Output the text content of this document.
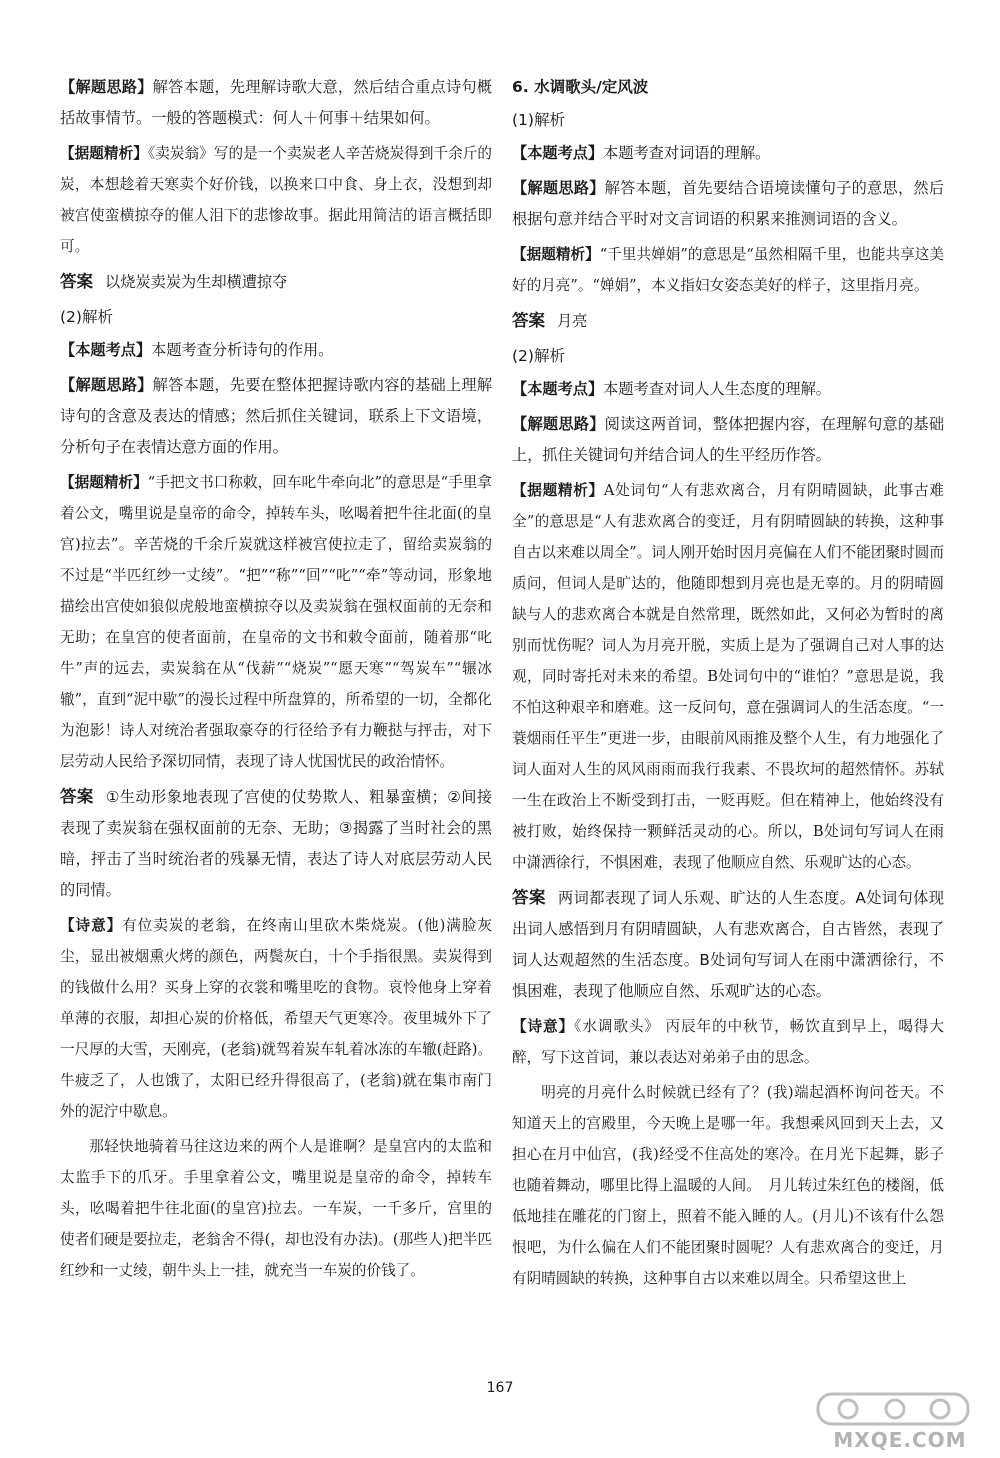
【解题思路】解答本题，先理解诗歌大意，然后结合重点诗句概括故事情节。一般的答题模式：何人＋何事＋结果如何。

【据题精析】《卖炭翁》写的是一个卖炭老人辛苦烧炭得到千余斤的炭，本想趁着天寒卖个好价钱，以换来口中食、身上衣，没想到却被宫使蛮横掠夺的催人泪下的悲惨故事。据此用简洁的语言概括即可。

答案 以烧炭卖炭为生却横遭掠夺

(2)解析

【本题考点】本题考查分析诗句的作用。

【解题思路】解答本题，先要在整体把握诗歌内容的基础上理解诗句的含意及表达的情感；然后抓住关键词，联系上下文语境，分析句子在表情达意方面的作用。

【据题精析】“手把文书口称敕，回车叱牛牵向北”的意思是“手里拿着公文，嘴里说是皇帝的命令，掉转车头，吆喝着把牛往北面(的皇宫)拉去”。辛苦烧的千余斤炭就这样被宫使拉走了，留给卖炭翁的不过是“半匹红纱一丈绫”。“把”“称”“回”“叱”“牵”等动词，形象地描绘出宫使如狼似虎般地蛮横掠夺以及卖炭翁在强权面前的无奈和无助；在皇宫的使者面前，在皇帝的文书和敕令面前，随着那“叱牛”声的远去，卖炭翁在从“伐薪”“烧炭”“愿天寒”“驾炭车”“辗冰辙”，直到“泥中歇”的漫长过程中所盘算的，所希望的一切，全都化为泡影！诗人对统治者强取豪夺的行径给予有力鞭挞与抨击，对下层劳动人民给予深切同情，表现了诗人忧国忧民的政治情怀。

答案 ①生动形象地表现了宫使的仗势欺人、粗暴蛮横；②间接表现了卖炭翁在强权面前的无奈、无助；③揭露了当时社会的黑暗，抨击了当时统治者的残暴无情，表达了诗人对底层劳动人民的同情。

【诗意】有位卖炭的老翁，在终南山里砍木柴烧炭。(他)满脸灰尘，显出被烟熏火烤的颜色，两鬓灰白，十个手指很黑。卖炭得到的钱做什么用？买身上穿的衣裳和嘴里吃的食物。哀怜他身上穿着单薄的衣服，却担心炭的价格低，希望天气更寒冷。夜里城外下了一尺厚的大雪，天刚亮，(老翁)就驾着炭车轧着冰冻的车辙(赶路)。牛疲乏了，人也饿了，太阳已经升得很高了，(老翁)就在集市南门外的泥泞中歇息。

那轻快地骑着马往这边来的两个人是谁啊？是皇宫内的太监和太监手下的爪牙。手里拿着公文，嘴里说是皇帝的命令，掉转车头，吆喝着把牛往北面(的皇宫)拉去。一车炭，一千多斤，宫里的使者们硬是要拉走，老翁舍不得(，却也没有办法)。(那些人)把半匹红纱和一丈绫，朝牛头上一挂，就充当一车炭的价钱了。

6. 水调歌头/定风波

(1)解析

【本题考点】本题考查对词语的理解。

【解题思路】解答本题，首先要结合语境读懂句子的意思，然后根据句意并结合平时对文言词语的积累来推测词语的含义。

【据题精析】“千里共婵娟”的意思是“虽然相隔千里，也能共享这美好的月亮”。“婵娟”，本义指妇女姿态美好的样子，这里指月亮。

答案 月亮

(2)解析

【本题考点】本题考查对词人人生态度的理解。

【解题思路】阅读这两首词，整体把握内容，在理解句意的基础上，抓住关键词句并结合词人的生平经历作答。

【据题精析】A处词句“人有悲欢离合，月有阴晴圆缺，此事古难全”的意思是“人有悲欢离合的变迁，月有阴晴圆缺的转换，这种事自古以来难以周全”。词人刚开始时因月亮偏在人们不能团聚时圆而质问，但词人是旷达的，他随即想到月亮也是无辜的。月的阴晴圆缺与人的悲欢离合本就是自然常理，既然如此，又何必为暂时的离别而忧伤呢？词人为月亮开脱，实质上是为了强调自己对人事的达观，同时寄托对未来的希望。B处词句中的“谁怕？”意思是说，我不怕这种艰辛和磨难。这一反问句，意在强调词人的生活态度。“一蓑烟雨任平生”更进一步，由眼前风雨推及整个人生，有力地强化了词人面对人生的风风雨雨而我行我素、不畏坎坷的超然情怀。苏轼一生在政治上不断受到打击，一贬再贬。但在精神上，他始终没有被打败，始终保持一颗鲜活灵动的心。所以，B处词句写词人在雨中潇洒徐行，不惧困难，表现了他顺应自然、乐观旷达的心态。

答案 两词都表现了词人乐观、旷达的人生态度。A处词句体现出词人感悟到月有阴晴圆缺，人有悲欢离合，自古皆然，表现了词人达观超然的生活态度。B处词句写词人在雨中潇洒徐行，不惧困难，表现了他顺应自然、乐观旷达的心态。

【诗意】《水调歌头》 丙辰年的中秋节，畅饮直到早上，喝得大醉，写下这首词，兼以表达对弟弟子由的思念。

明亮的月亮什么时候就已经有了？(我)端起酒杯询问苍天。不知道天上的宫殿里，今天晚上是哪一年。我想乘风回到天上去，又担心在月中仙宫，(我)经受不住高处的寒冷。在月光下起舞，影子也随着舞动，哪里比得上温暖的人间。　月儿转过朱红色的楼阁，低低地挂在雕花的门窗上，照着不能入睡的人。(月儿)不该有什么怨恨吧，为什么偏在人们不能团聚时圆呢？人有悲欢离合的变迁，月有阴晴圆缺的转换，这种事自古以来难以周全。只希望这世上

167
MXQE.COM
